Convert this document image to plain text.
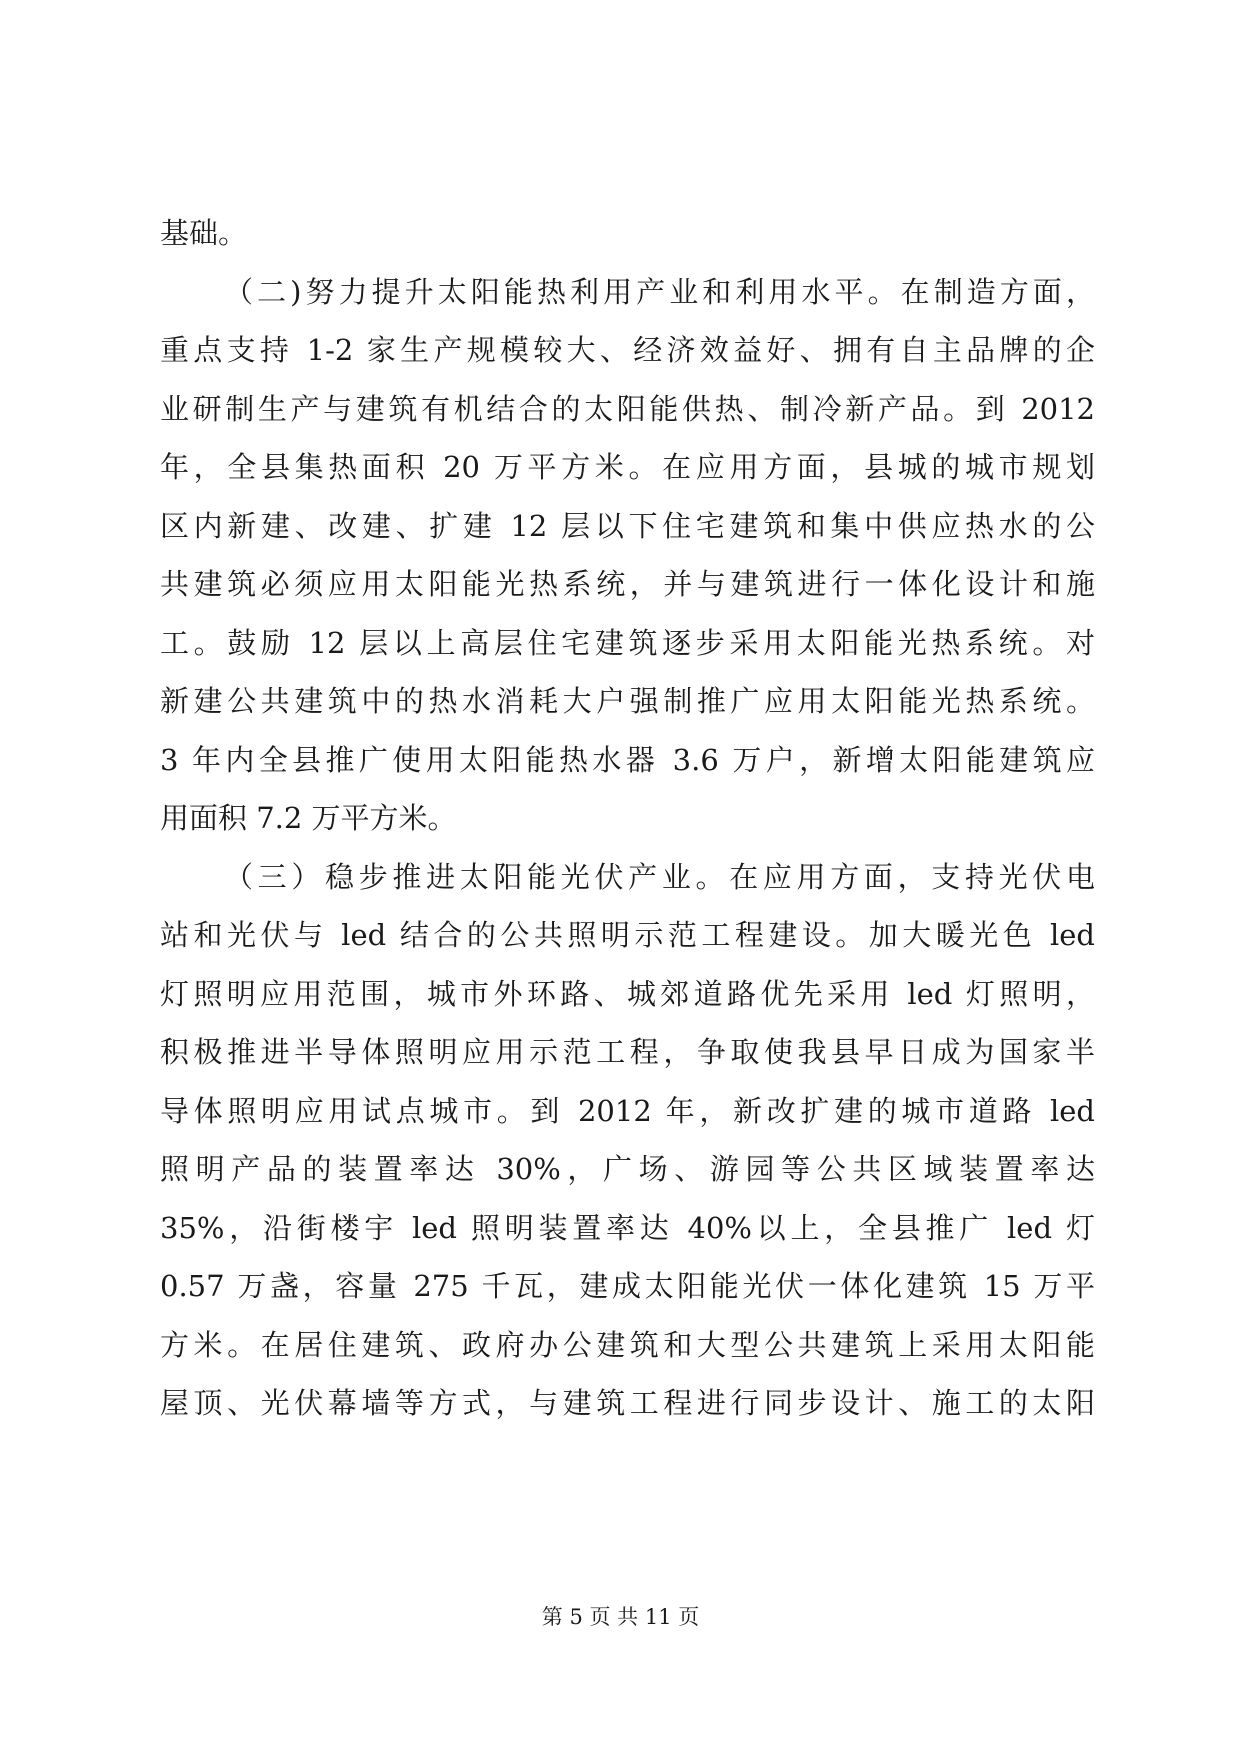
基础。
（二)努力提升太阳能热利用产业和利用水平。在制造方面，
重点支持 1-2 家生产规模较大、经济效益好、拥有自主品牌的企
业研制生产与建筑有机结合的太阳能供热、制冷新产品。到 2012
年，全县集热面积 20 万平方米。在应用方面，县城的城市规划
区内新建、改建、扩建 12 层以下住宅建筑和集中供应热水的公
共建筑必须应用太阳能光热系统，并与建筑进行一体化设计和施
工。鼓励 12 层以上高层住宅建筑逐步采用太阳能光热系统。对
新建公共建筑中的热水消耗大户强制推广应用太阳能光热系统。
3 年内全县推广使用太阳能热水器 3.6 万户，新增太阳能建筑应
用面积 7.2 万平方米。
（三）稳步推进太阳能光伏产业。在应用方面，支持光伏电
站和光伏与 led 结合的公共照明示范工程建设。加大暖光色 led
灯照明应用范围，城市外环路、城郊道路优先采用 led 灯照明，
积极推进半导体照明应用示范工程，争取使我县早日成为国家半
导体照明应用试点城市。到 2012 年，新改扩建的城市道路 led
照明产品的装置率达 30%，广场、游园等公共区域装置率达
35%，沿街楼宇 led 照明装置率达 40%以上，全县推广 led 灯
0.57 万盏，容量 275 千瓦，建成太阳能光伏一体化建筑 15 万平
方米。在居住建筑、政府办公建筑和大型公共建筑上采用太阳能
屋顶、光伏幕墙等方式，与建筑工程进行同步设计、施工的太阳
第 5 页 共 11 页
